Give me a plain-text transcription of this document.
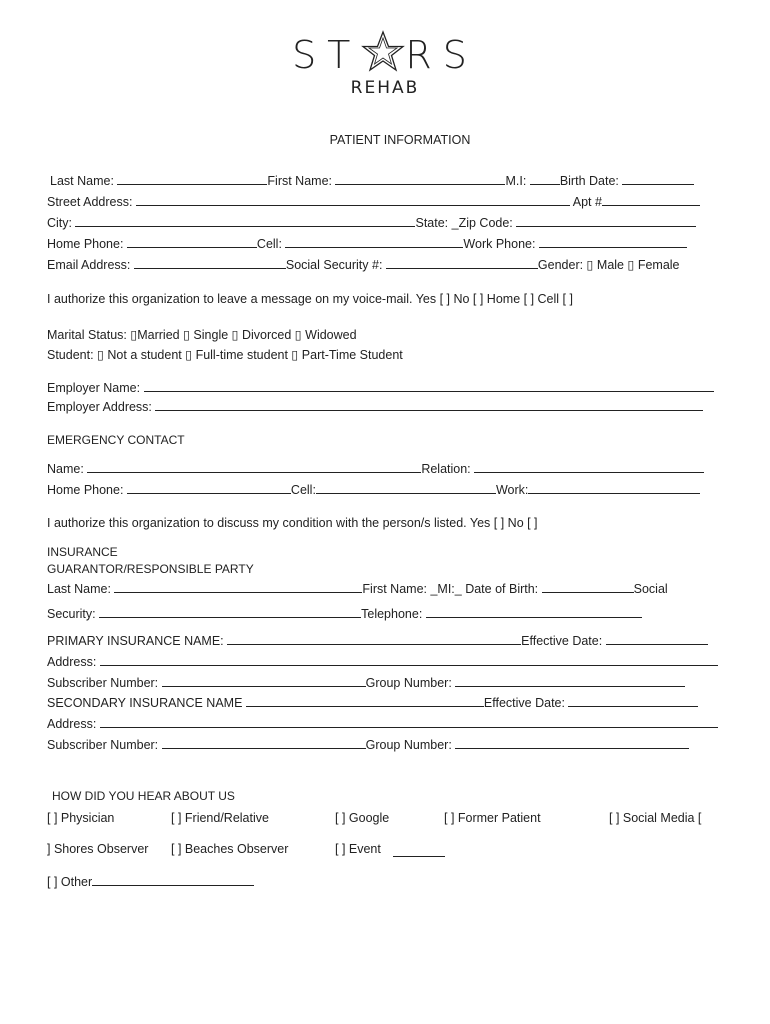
ST RS
REHAB
PATIENT INFORMATION
Last Name:	First Name:	M.I:	Birth Date:
Street Address:	Apt #
City:	State: _Zip Code:
Home Phone:	Cell:	Work Phone:
Email Address:	Social Security #:	Gender: ▯ Male ▯ Female
I authorize this organization to leave a message on my voice-mail. Yes [ ] No [ ] Home [ ] Cell [ ]
Marital Status: ▯Married ▯ Single ▯ Divorced ▯ Widowed
Student: ▯ Not a student ▯ Full-time student ▯ Part-Time Student
Employer Name:
Employer Address:
EMERGENCY CONTACT
Name:	Relation:
Home Phone:	Cell:	Work:
I authorize this organization to discuss my condition with the person/s listed. Yes [ ] No [ ]
INSURANCE
GUARANTOR/RESPONSIBLE PARTY
Last Name:	First Name: _MI:_ Date of Birth:	Social
Security:	Telephone:
PRIMARY INSURANCE NAME:	Effective Date:
Address:
Subscriber Number:	Group Number:
SECONDARY INSURANCE NAME	Effective Date:
Address:
Subscriber Number:	Group Number:
HOW DID YOU HEAR ABOUT US
[ ] Physician	[ ] Friend/Relative	[ ] Google	[ ] Former Patient	[ ] Social Media [
] Shores Observer [ ] Beaches Observer	[ ] Event
[ ] Other
